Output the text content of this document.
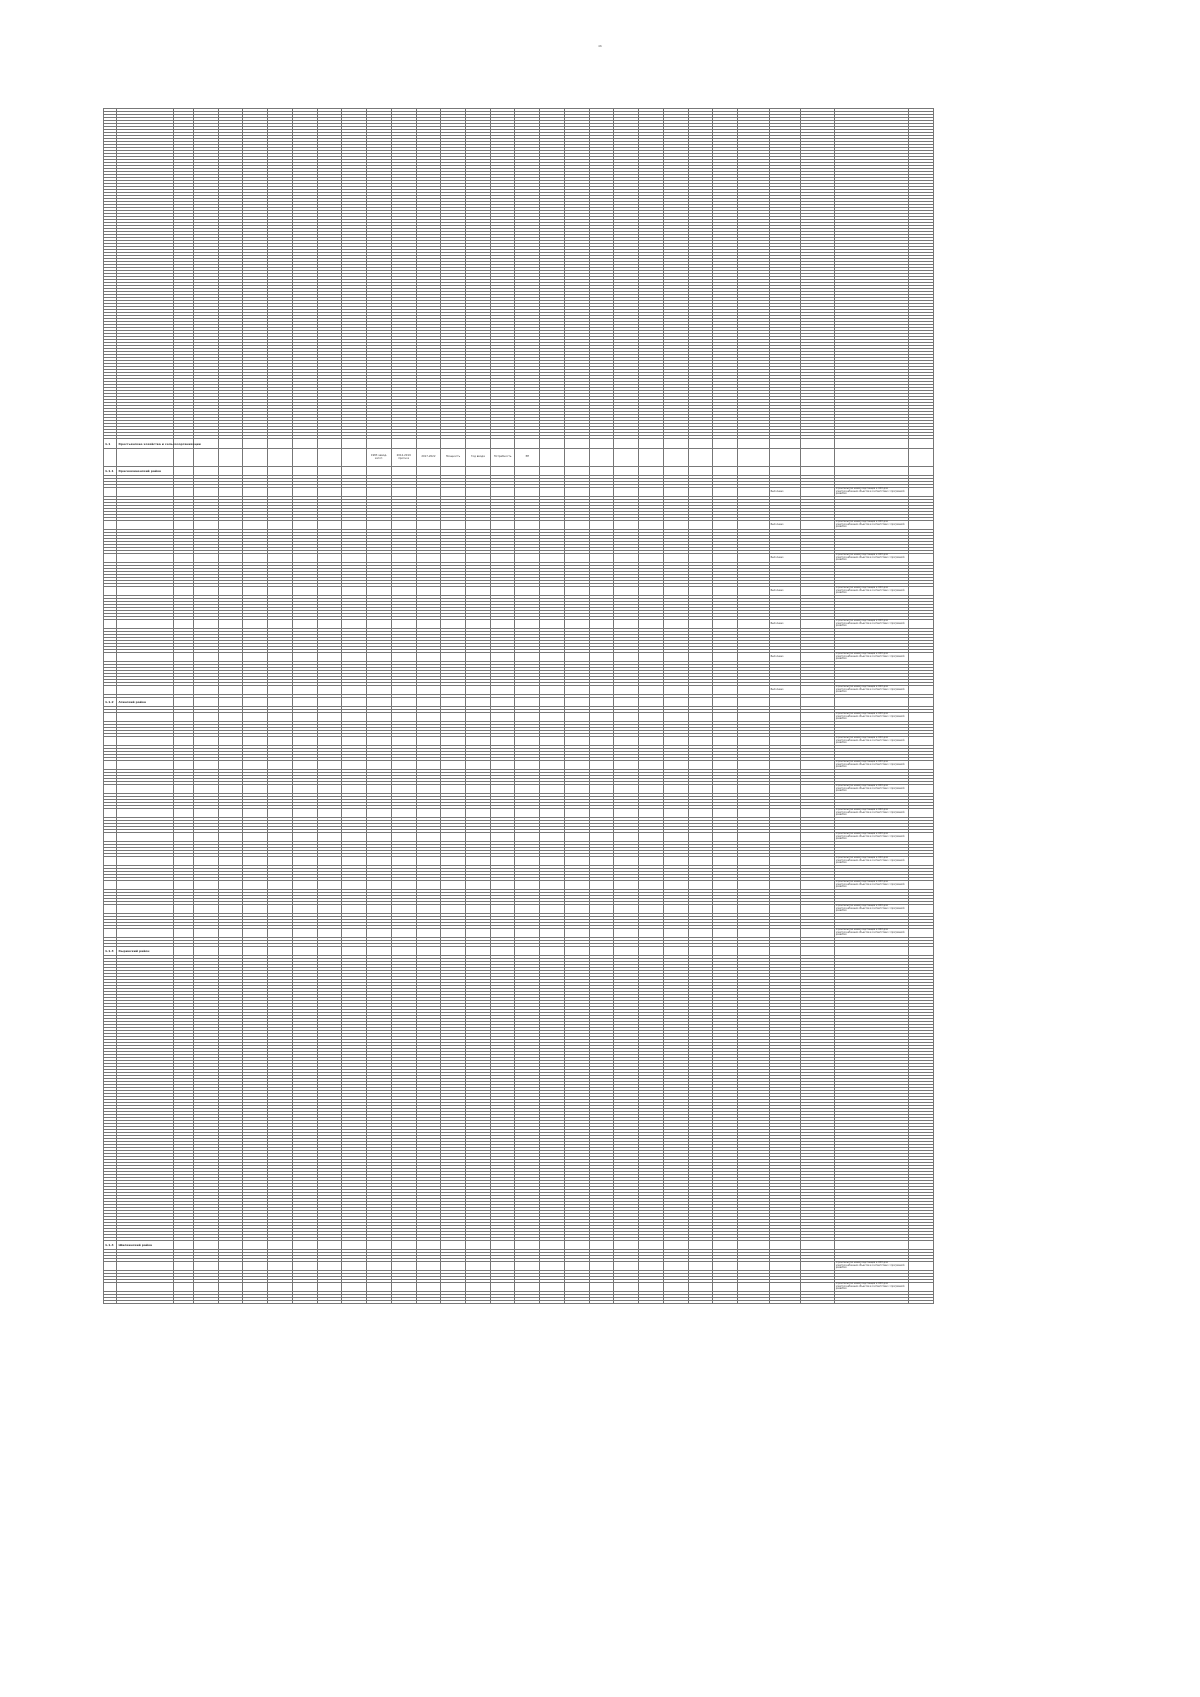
46

1.1	Крестьянские хозяйства и сельхозорганизации																												
										1983 завод-изгот.	2014-2019 прогноз	2017-2022	Мощность	Год ввода	Потребность	ЭП													
1.1.1	Краснокаменский район																												

																										Выполнено		Строительство новой подстанции и ЛЭП для электроснабжения объектов в соответствии с программой развития	

																										Выполнено		Строительство новой подстанции и ЛЭП для электроснабжения объектов в соответствии с программой развития	

																										Выполнено		Строительство новой подстанции и ЛЭП для электроснабжения объектов в соответствии с программой развития	

																										Выполнено		Строительство новой подстанции и ЛЭП для электроснабжения объектов в соответствии с программой развития	

																										Выполнено		Строительство новой подстанции и ЛЭП для электроснабжения объектов в соответствии с программой развития	

																										Выполнено		Строительство новой подстанции и ЛЭП для электроснабжения объектов в соответствии с программой развития	

																										Выполнено		Строительство новой подстанции и ЛЭП для электроснабжения объектов в соответствии с программой развития	

1.1.2	Агинский район																												

																												Строительство новой подстанции и ЛЭП для электроснабжения объектов в соответствии с программой развития	

																												Строительство новой подстанции и ЛЭП для электроснабжения объектов в соответствии с программой развития	

																												Строительство новой подстанции и ЛЭП для электроснабжения объектов в соответствии с программой развития	

																												Строительство новой подстанции и ЛЭП для электроснабжения объектов в соответствии с программой развития	

																												Строительство новой подстанции и ЛЭП для электроснабжения объектов в соответствии с программой развития	

																												Строительство новой подстанции и ЛЭП для электроснабжения объектов в соответствии с программой развития	

																												Строительство новой подстанции и ЛЭП для электроснабжения объектов в соответствии с программой развития	

																												Строительство новой подстанции и ЛЭП для электроснабжения объектов в соответствии с программой развития	

																												Строительство новой подстанции и ЛЭП для электроснабжения объектов в соответствии с программой развития	

																												Строительство новой подстанции и ЛЭП для электроснабжения объектов в соответствии с программой развития	

1.1.3	Кыринский район																												

1.1.4	Шилкинский район																												

																												Строительство новой подстанции и ЛЭП для электроснабжения объектов в соответствии с программой развития	

																												Строительство новой подстанции и ЛЭП для электроснабжения объектов в соответствии с программой развития	
